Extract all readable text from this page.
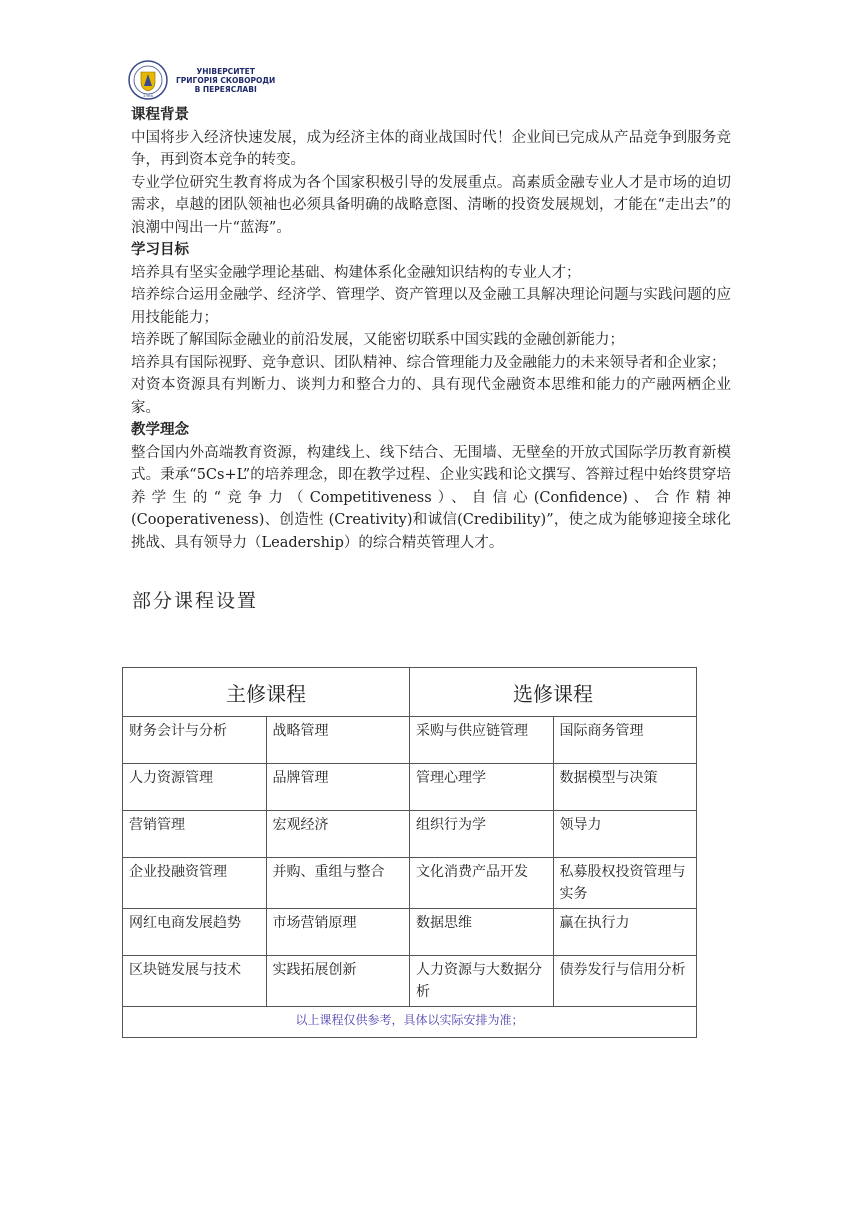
1986
УНІВЕРСИТЕТ
ГРИГОРІЯ СКОВОРОДИ
В ПЕРЕЯСЛАВІ
课程背景
中国将步入经济快速发展，成为经济主体的商业战国时代！企业间已完成从产品竞争到服务竞争，再到资本竞争的转变。
专业学位研究生教育将成为各个国家积极引导的发展重点。高素质金融专业人才是市场的迫切需求，卓越的团队领袖也必须具备明确的战略意图、清晰的投资发展规划，才能在“走出去”的浪潮中闯出一片“蓝海”。
学习目标
培养具有坚实金融学理论基础、构建体系化金融知识结构的专业人才；
培养综合运用金融学、经济学、管理学、资产管理以及金融工具解决理论问题与实践问题的应用技能能力；
培养既了解国际金融业的前沿发展，又能密切联系中国实践的金融创新能力；
培养具有国际视野、竞争意识、团队精神、综合管理能力及金融能力的未来领导者和企业家；
对资本资源具有判断力、谈判力和整合力的、具有现代金融资本思维和能力的产融两栖企业家。
教学理念
整合国内外高端教育资源，构建线上、线下结合、无围墙、无壁垒的开放式国际学历教育新模式。秉承“5Cs+L”的培养理念，即在教学过程、企业实践和论文撰写、答辩过程中始终贯穿培养学生的“竞争力（Competitiveness）、自信心(Confidence)、合作精神(Cooperativeness)、创造性 (Creativity)和诚信(Credibility)”，使之成为能够迎接全球化挑战、具有领导力（Leadership）的综合精英管理人才。
部分课程设置
主修课程		选修课程	
财务会计与分析	战略管理	采购与供应链管理	国际商务管理
人力资源管理	品牌管理	管理心理学	数据模型与决策
营销管理	宏观经济	组织行为学	领导力
企业投融资管理	并购、重组与整合	文化消费产品开发	私募股权投资管理与实务
网红电商发展趋势	市场营销原理	数据思维	赢在执行力
区块链发展与技术	实践拓展创新	人力资源与大数据分析	债券发行与信用分析
以上课程仅供参考，具体以实际安排为准；			
